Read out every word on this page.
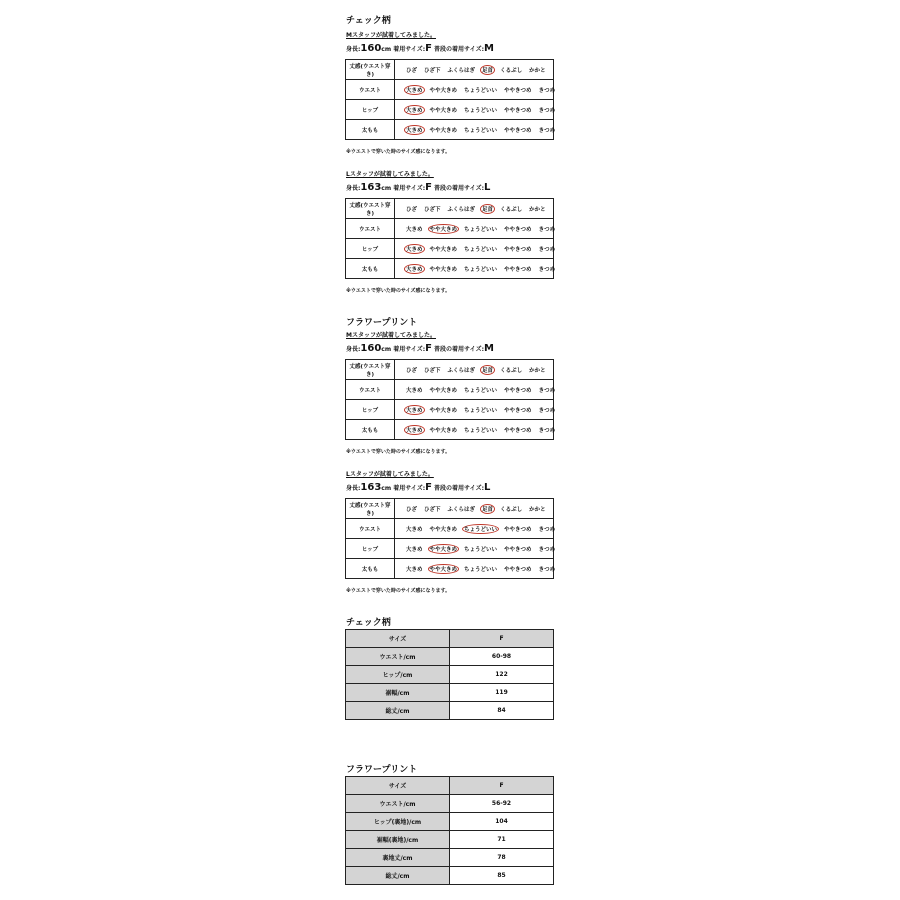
チェック柄
Mスタッフが試着してみました。
身長:160cm 着用サイズ:F 普段の着用サイズ:M
丈感(ウエスト穿き)	ひざ ひざ下 ふくらはぎ 足首 くるぶし かかと
ウエスト	大きめ やや大きめ ちょうどいい ややきつめ きつめ
ヒップ	大きめ やや大きめ ちょうどいい ややきつめ きつめ
太もも	大きめ やや大きめ ちょうどいい ややきつめ きつめ
※ウエストで穿いた時のサイズ感になります。
Lスタッフが試着してみました。
身長:163cm 着用サイズ:F 普段の着用サイズ:L
丈感(ウエスト穿き)	ひざ ひざ下 ふくらはぎ 足首 くるぶし かかと
ウエスト	大きめ やや大きめ ちょうどいい ややきつめ きつめ
ヒップ	大きめ やや大きめ ちょうどいい ややきつめ きつめ
太もも	大きめ やや大きめ ちょうどいい ややきつめ きつめ
※ウエストで穿いた時のサイズ感になります。
フラワープリント
Mスタッフが試着してみました。
身長:160cm 着用サイズ:F 普段の着用サイズ:M
丈感(ウエスト穿き)	ひざ ひざ下 ふくらはぎ 足首 くるぶし かかと
ウエスト	大きめ やや大きめ ちょうどいい ややきつめ きつめ
ヒップ	大きめ やや大きめ ちょうどいい ややきつめ きつめ
太もも	大きめ やや大きめ ちょうどいい ややきつめ きつめ
※ウエストで穿いた時のサイズ感になります。
Lスタッフが試着してみました。
身長:163cm 着用サイズ:F 普段の着用サイズ:L
丈感(ウエスト穿き)	ひざ ひざ下 ふくらはぎ 足首 くるぶし かかと
ウエスト	大きめ やや大きめ ちょうどいい ややきつめ きつめ
ヒップ	大きめ やや大きめ ちょうどいい ややきつめ きつめ
太もも	大きめ やや大きめ ちょうどいい ややきつめ きつめ
※ウエストで穿いた時のサイズ感になります。
チェック柄
サイズ	F
ウエスト/cm	60-98
ヒップ/cm	122
裾幅/cm	119
総丈/cm	84
フラワープリント
サイズ	F
ウエスト/cm	56-92
ヒップ(裏地)/cm	104
裾幅(裏地)/cm	71
裏地丈/cm	78
総丈/cm	85
